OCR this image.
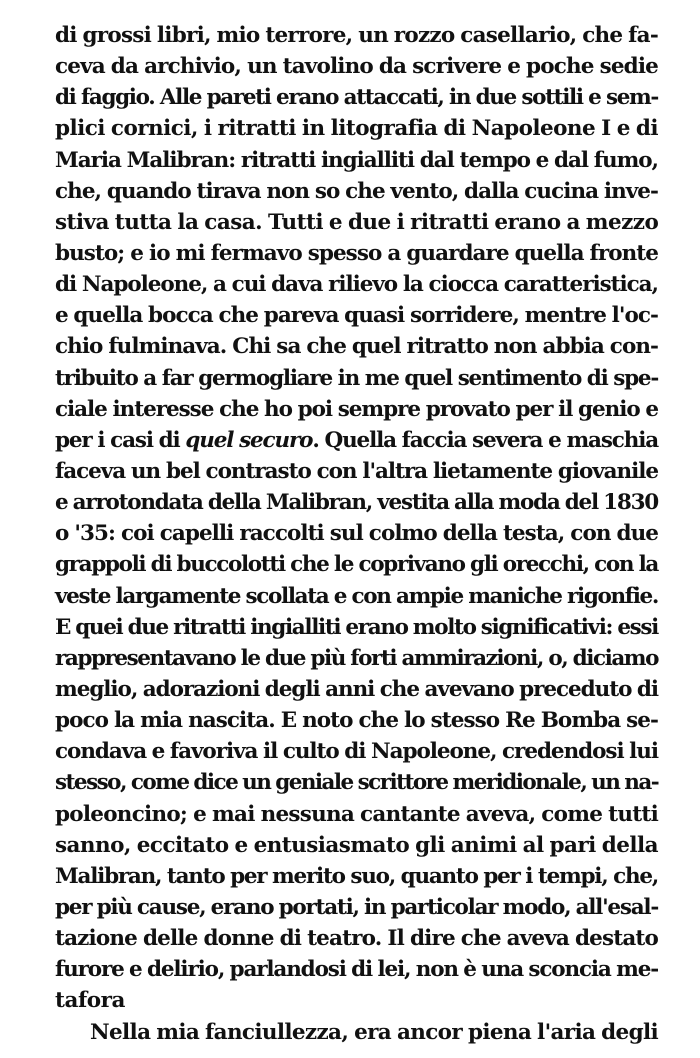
di grossi libri, mio terrore, un rozzo casellario, che fa-
ceva da archivio, un tavolino da scrivere e poche sedie
di faggio. Alle pareti erano attaccati, in due sottili e sem-
plici cornici, i ritratti in litografia di Napoleone I e di
Maria Malibran: ritratti ingialliti dal tempo e dal fumo,
che, quando tirava non so che vento, dalla cucina inve-
stiva tutta la casa. Tutti e due i ritratti erano a mezzo
busto; e io mi fermavo spesso a guardare quella fronte
di Napoleone, a cui dava rilievo la ciocca caratteristica,
e quella bocca che pareva quasi sorridere, mentre l'oc-
chio fulminava. Chi sa che quel ritratto non abbia con-
tribuito a far germogliare in me quel sentimento di spe-
ciale interesse che ho poi sempre provato per il genio e
per i casi di quel securo. Quella faccia severa e maschia
faceva un bel contrasto con l'altra lietamente giovanile
e arrotondata della Malibran, vestita alla moda del 1830
o '35: coi capelli raccolti sul colmo della testa, con due
grappoli di buccolotti che le coprivano gli orecchi, con la
veste largamente scollata e con ampie maniche rigonfie.
E quei due ritratti ingialliti erano molto significativi: essi
rappresentavano le due più forti ammirazioni, o, diciamo
meglio, adorazioni degli anni che avevano preceduto di
poco la mia nascita. E noto che lo stesso Re Bomba se-
condava e favoriva il culto di Napoleone, credendosi lui
stesso, come dice un geniale scrittore meridionale, un na-
poleoncino; e mai nessuna cantante aveva, come tutti
sanno, eccitato e entusiasmato gli animi al pari della
Malibran, tanto per merito suo, quanto per i tempi, che,
per più cause, erano portati, in particolar modo, all'esal-
tazione delle donne di teatro. Il dire che aveva destato
furore e delirio, parlandosi di lei, non è una sconcia me-
tafora
Nella mia fanciullezza, era ancor piena l'aria degli
